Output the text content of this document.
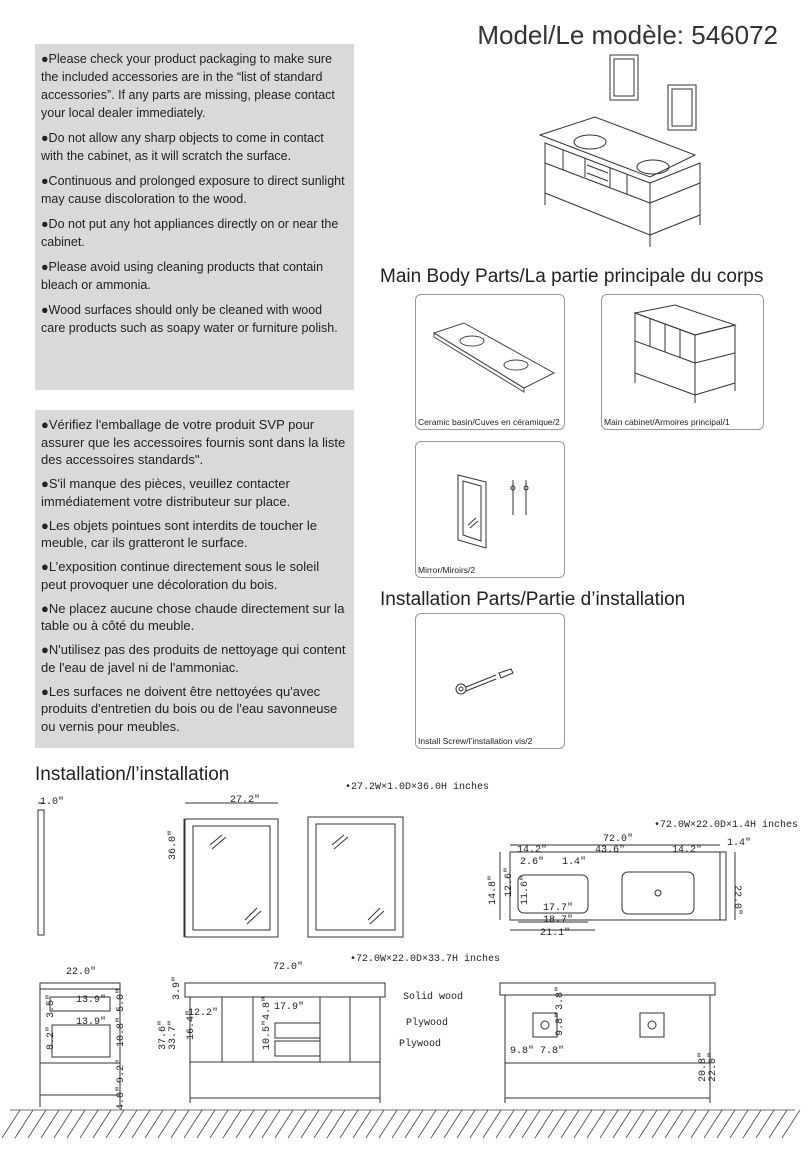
Model/Le modèle: 546072

●Please check your product packaging to make sure the included accessories are in the “list of standard accessories”. If any parts are missing, please contact your local dealer immediately.

●Do not allow any sharp objects to come in contact with the cabinet, as it will scratch the surface.

●Continuous and prolonged exposure to direct sunlight may cause discoloration to the wood.

●Do not put any hot appliances directly on or near the cabinet.

●Please avoid using cleaning products that contain bleach or ammonia.

●Wood surfaces should only be cleaned with wood care products such as soapy water or furniture polish.

●Vérifiez l'emballage de votre produit SVP pour assurer que les accessoires fournis sont dans la liste des accessoires standards".

●S'il manque des pièces, veuillez contacter immédiatement votre distributeur sur place.

●Les objets pointues sont interdits de toucher le meuble, car ils gratteront le surface.

●L’exposition continue directement sous le soleil peut provoquer une décoloration du bois.

●Ne placez aucune chose chaude directement sur la table ou à côté du meuble.

●N'utilisez pas des produits de nettoyage qui content de l'eau de javel ni de l'ammoniac.

●Les surfaces ne doivent être nettoyées qu'avec produits d'entretien du bois ou de l'eau savonneuse ou vernis pour meubles.

Main Body Parts/La partie principale du corps
Ceramic basin/Cuves en céramique/2	Main cabinet/Armoires principal/1
Mirror/Miroirs/2
Installation Parts/Partie d’installation
Install Screw/l’installation vis/2
Installation/l’installation
1.0"	27.2"
36.0"
•27.2W×1.0D×36.0H inches
•72.0W×22.0D×1.4H inches
72.0"
14.2"	43.6"	14.2"
1.4"
2.6" 1.4"
14.8" 12.6" 11.6"
17.7"
18.7"
21.1"
22.0"
22.0"
13.9"
13.9"
3.5"
8.2"
5.0"
10.8"
9.2"
4.0"
72.0"
•72.0W×22.0D×33.7H inches
3.9"
37.6" 33.7"
12.2"
16.4"
4.8" 17.9"
10.5"
Solid wood
Plywood
Plywood
3.8"
9.8"
9.8" 7.8"
20.8" 22.0"
